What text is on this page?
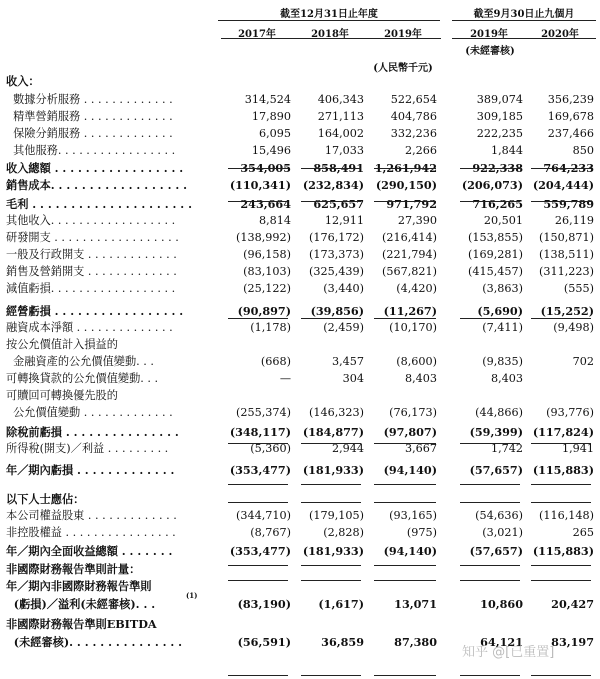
截至12月31日止年度	截至9月30日止九個月
2017年	2018年	2019年	2019年	2020年
(未經審核)
(人民幣千元)
收入：
數據分析服務 . . . . . . . . . . . . .	314,524	406,343	522,654	389,074	356,239
精準營銷服務 . . . . . . . . . . . . .	17,890	271,113	404,786	309,185	169,678
保險分銷服務 . . . . . . . . . . . . .	6,095	164,002	332,236	222,235	237,466
其他服務. . . . . . . . . . . . . . . . .	15,496	17,033	2,266	1,844	850
收入總額 . . . . . . . . . . . . . . . . .	354,005	858,491 1,261,942	922,338	764,233
銷售成本. . . . . . . . . . . . . . . . . .	(110,341)	(232,834)	(290,150)	(206,073) (204,444)
毛利 . . . . . . . . . . . . . . . . . . . . .	243,664	625,657	971,792	716,265	559,789
其他收入. . . . . . . . . . . . . . . . . .	8,814	12,911	27,390	20,501	26,119
研發開支 . . . . . . . . . . . . . . . . . .	(138,992)	(176,172)	(216,414)	(153,855)	(150,871)
一般及行政開支 . . . . . . . . . . . . .	(96,158)	(173,373)	(221,794)	(169,281)	(138,511)
銷售及營銷開支 . . . . . . . . . . . . .	(83,103)	(325,439)	(567,821)	(415,457)	(311,223)
減值虧損. . . . . . . . . . . . . . . . . .	(25,122)	(3,440)	(4,420)	(3,863)	(555)
經營虧損 . . . . . . . . . . . . . . . . .	(90,897)	(39,856)	(11,267)	(5,690)	(15,252)
融資成本淨額 . . . . . . . . . . . . . .	(1,178)	(2,459)	(10,170)	(7,411)	(9,498)
按公允價值計入損益的
金融資產的公允價值變動. . .	(668)	3,457	(8,600)	(9,835)	702
可轉換貸款的公允價值變動. . .	—	304	8,403	8,403
可贖回可轉換優先股的
公允價值變動 . . . . . . . . . . . . .	(255,374)	(146,323)	(76,173)	(44,866)	(93,776)
除稅前虧損 . . . . . . . . . . . . . . .	(348,117)	(184,877)	(97,807)	(59,399) (117,824)
所得稅(開支)／利益 . . . . . . . . .	(5,360)	2,944	3,667	1,742	1,941
年／期內虧損 . . . . . . . . . . . . .	(353,477)	(181,933)	(94,140)	(57,657) (115,883)
以下人士應佔：
本公司權益股東 . . . . . . . . . . . . .	(344,710)	(179,105)	(93,165)	(54,636)	(116,148)
非控股權益 . . . . . . . . . . . . . . . .	(8,767)	(2,828)	(975)	(3,021)	265
年／期內全面收益總額 . . . . . . .	(353,477)	(181,933)	(94,140)	(57,657) (115,883)
非國際財務報告準則計量：
年／期內非國際財務報告準則
(虧損)／溢利(未經審核). . .	(83,190)	(1,617)	13,071	10,860	20,427
非國際財務報告準則EBITDA
(未經審核). . . . . . . . . . . . . . .	(56,591)	36,859	87,380	64,121	83,197
(1)
知乎 @[已重置]
